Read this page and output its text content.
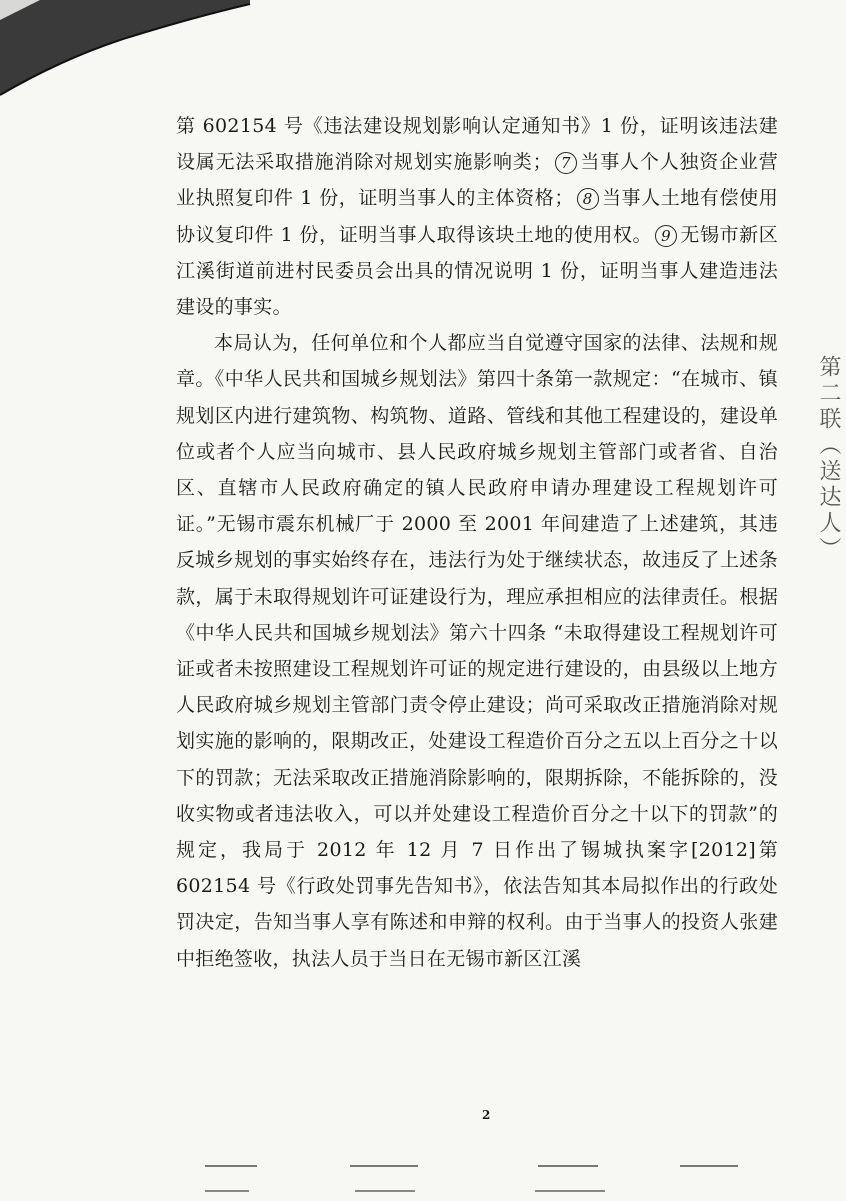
第 602154 号《违法建设规划影响认定通知书》1 份，证明该违法建设属无法采取措施消除对规划实施影响类； 7 当事人个人独资企业营业执照复印件 1 份，证明当事人的主体资格； 8 当事人土地有偿使用协议复印件 1 份，证明当事人取得该块土地的使用权。 9 无锡市新区江溪街道前进村民委员会出具的情况说明 1 份，证明当事人建造违法建设的事实。

本局认为，任何单位和个人都应当自觉遵守国家的法律、法规和规章。《中华人民共和国城乡规划法》第四十条第一款规定：“在城市、镇规划区内进行建筑物、构筑物、道路、管线和其他工程建设的，建设单位或者个人应当向城市、县人民政府城乡规划主管部门或者省、自治区、直辖市人民政府确定的镇人民政府申请办理建设工程规划许可证。”无锡市震东机械厂于 2000 至 2001 年间建造了上述建筑，其违反城乡规划的事实始终存在，违法行为处于继续状态，故违反了上述条款，属于未取得规划许可证建设行为，理应承担相应的法律责任。根据《中华人民共和国城乡规划法》第六十四条 “未取得建设工程规划许可证或者未按照建设工程规划许可证的规定进行建设的，由县级以上地方人民政府城乡规划主管部门责令停止建设；尚可采取改正措施消除对规划实施的影响的，限期改正，处建设工程造价百分之五以上百分之十以下的罚款；无法采取改正措施消除影响的，限期拆除，不能拆除的，没收实物或者违法收入，可以并处建设工程造价百分之十以下的罚款”的规定，我局于 2012 年 12 月 7 日作出了锡城执案字[2012]第 602154 号《行政处罚事先告知书》，依法告知其本局拟作出的行政处罚决定，告知当事人享有陈述和申辩的权利。由于当事人的投资人张建中拒绝签收，执法人员于当日在无锡市新区江溪

第二联（送达人）
2
